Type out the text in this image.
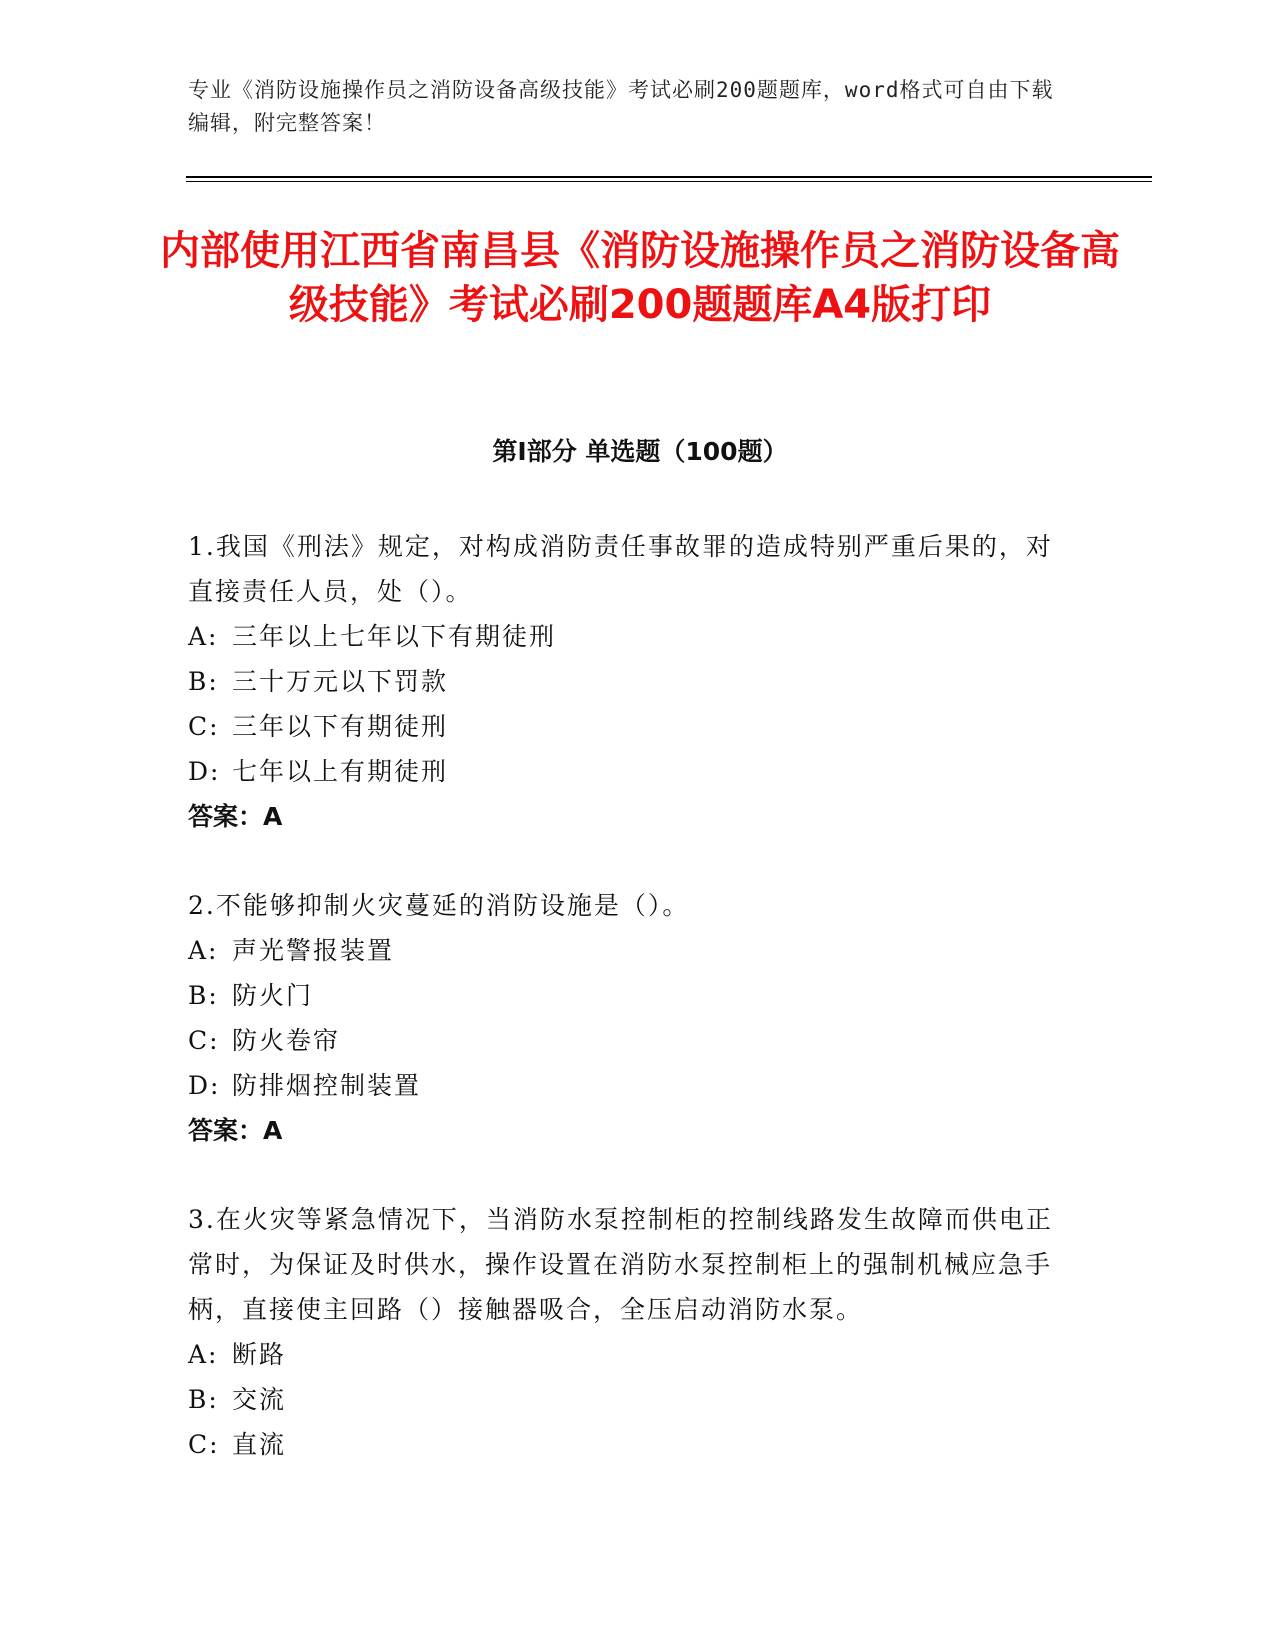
专业《消防设施操作员之消防设备高级技能》考试必刷200题题库，word格式可自由下载编辑，附完整答案！
内部使用江西省南昌县《消防设施操作员之消防设备高级技能》考试必刷200题题库A4版打印
第I部分 单选题（100题）
1.我国《刑法》规定，对构成消防责任事故罪的造成特别严重后果的，对直接责任人员，处（）。
A: 三年以上七年以下有期徒刑
B: 三十万元以下罚款
C: 三年以下有期徒刑
D: 七年以上有期徒刑
答案：A
2.不能够抑制火灾蔓延的消防设施是（）。
A: 声光警报装置
B: 防火门
C: 防火卷帘
D: 防排烟控制装置
答案：A
3.在火灾等紧急情况下，当消防水泵控制柜的控制线路发生故障而供电正常时，为保证及时供水，操作设置在消防水泵控制柜上的强制机械应急手柄，直接使主回路（）接触器吸合，全压启动消防水泵。
A: 断路
B: 交流
C: 直流
